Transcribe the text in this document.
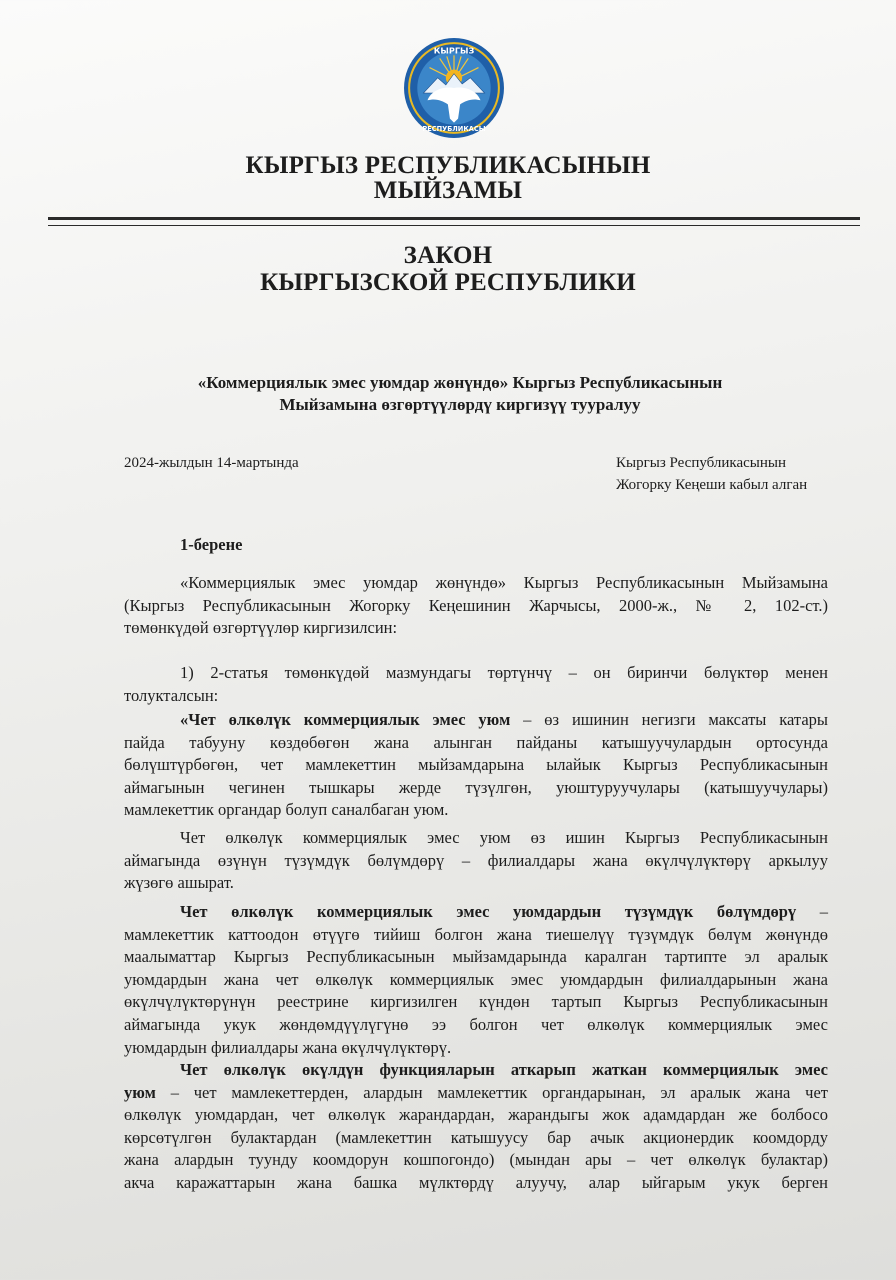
КЫРГЫЗ
РЕСПУБЛИКАСЫ
КЫРГЫЗ РЕСПУБЛИКАСЫНЫН
МЫЙЗАМЫ
ЗАКОН
КЫРГЫЗСКОЙ РЕСПУБЛИКИ
«Коммерциялык эмес уюмдар жөнүндө» Кыргыз Республикасынын
Мыйзамына өзгөртүүлөрдү киргизүү тууралуу
2024-жылдын 14-мартында	Кыргыз Республикасынын
Жогорку Кеңеши кабыл алган
1-берене
«Коммерциялык эмес уюмдар жөнүндө» Кыргыз Республикасынын Мыйзамына
(Кыргыз Республикасынын Жогорку Кеңешинин Жарчысы, 2000-ж., № 2, 102-ст.)
төмөнкүдөй өзгөртүүлөр киргизилсин:
1) 2-статья төмөнкүдөй мазмундагы төртүнчү – он биринчи бөлүктөр менен
толукталсын:
«Чет өлкөлүк коммерциялык эмес уюм – өз ишинин негизги максаты катары
пайда табууну көздөбөгөн жана алынган пайданы катышуучулардын ортосунда
бөлүштүрбөгөн, чет мамлекеттин мыйзамдарына ылайык Кыргыз Республикасынын
аймагынын чегинен тышкары жерде түзүлгөн, уюштуруучулары (катышуучулары)
мамлекеттик органдар болуп саналбаган уюм.
Чет өлкөлүк коммерциялык эмес уюм өз ишин Кыргыз Республикасынын
аймагында өзүнүн түзүмдүк бөлүмдөрү – филиалдары жана өкүлчүлүктөрү аркылуу
жүзөгө ашырат.
Чет өлкөлүк коммерциялык эмес уюмдардын түзүмдүк бөлүмдөрү –
мамлекеттик каттоодон өтүүгө тийиш болгон жана тиешелүү түзүмдүк бөлүм жөнүндө
маалыматтар Кыргыз Республикасынын мыйзамдарында каралган тартипте эл аралык
уюмдардын жана чет өлкөлүк коммерциялык эмес уюмдардын филиалдарынын жана
өкүлчүлүктөрүнүн реестрине киргизилген күндөн тартып Кыргыз Республикасынын
аймагында укук жөндөмдүүлүгүнө ээ болгон чет өлкөлүк коммерциялык эмес
уюмдардын филиалдары жана өкүлчүлүктөрү.
Чет өлкөлүк өкүлдүн функцияларын аткарып жаткан коммерциялык эмес
уюм – чет мамлекеттерден, алардын мамлекеттик органдарынан, эл аралык жана чет
өлкөлүк уюмдардан, чет өлкөлүк жарандардан, жарандыгы жок адамдардан же болбосо
көрсөтүлгөн булактардан (мамлекеттин катышуусу бар ачык акционердик коомдорду
жана алардын туунду коомдорун кошпогондо) (мындан ары – чет өлкөлүк булактар)
акча каражаттарын жана башка мүлктөрдү алуучу, алар ыйгарым укук берген
